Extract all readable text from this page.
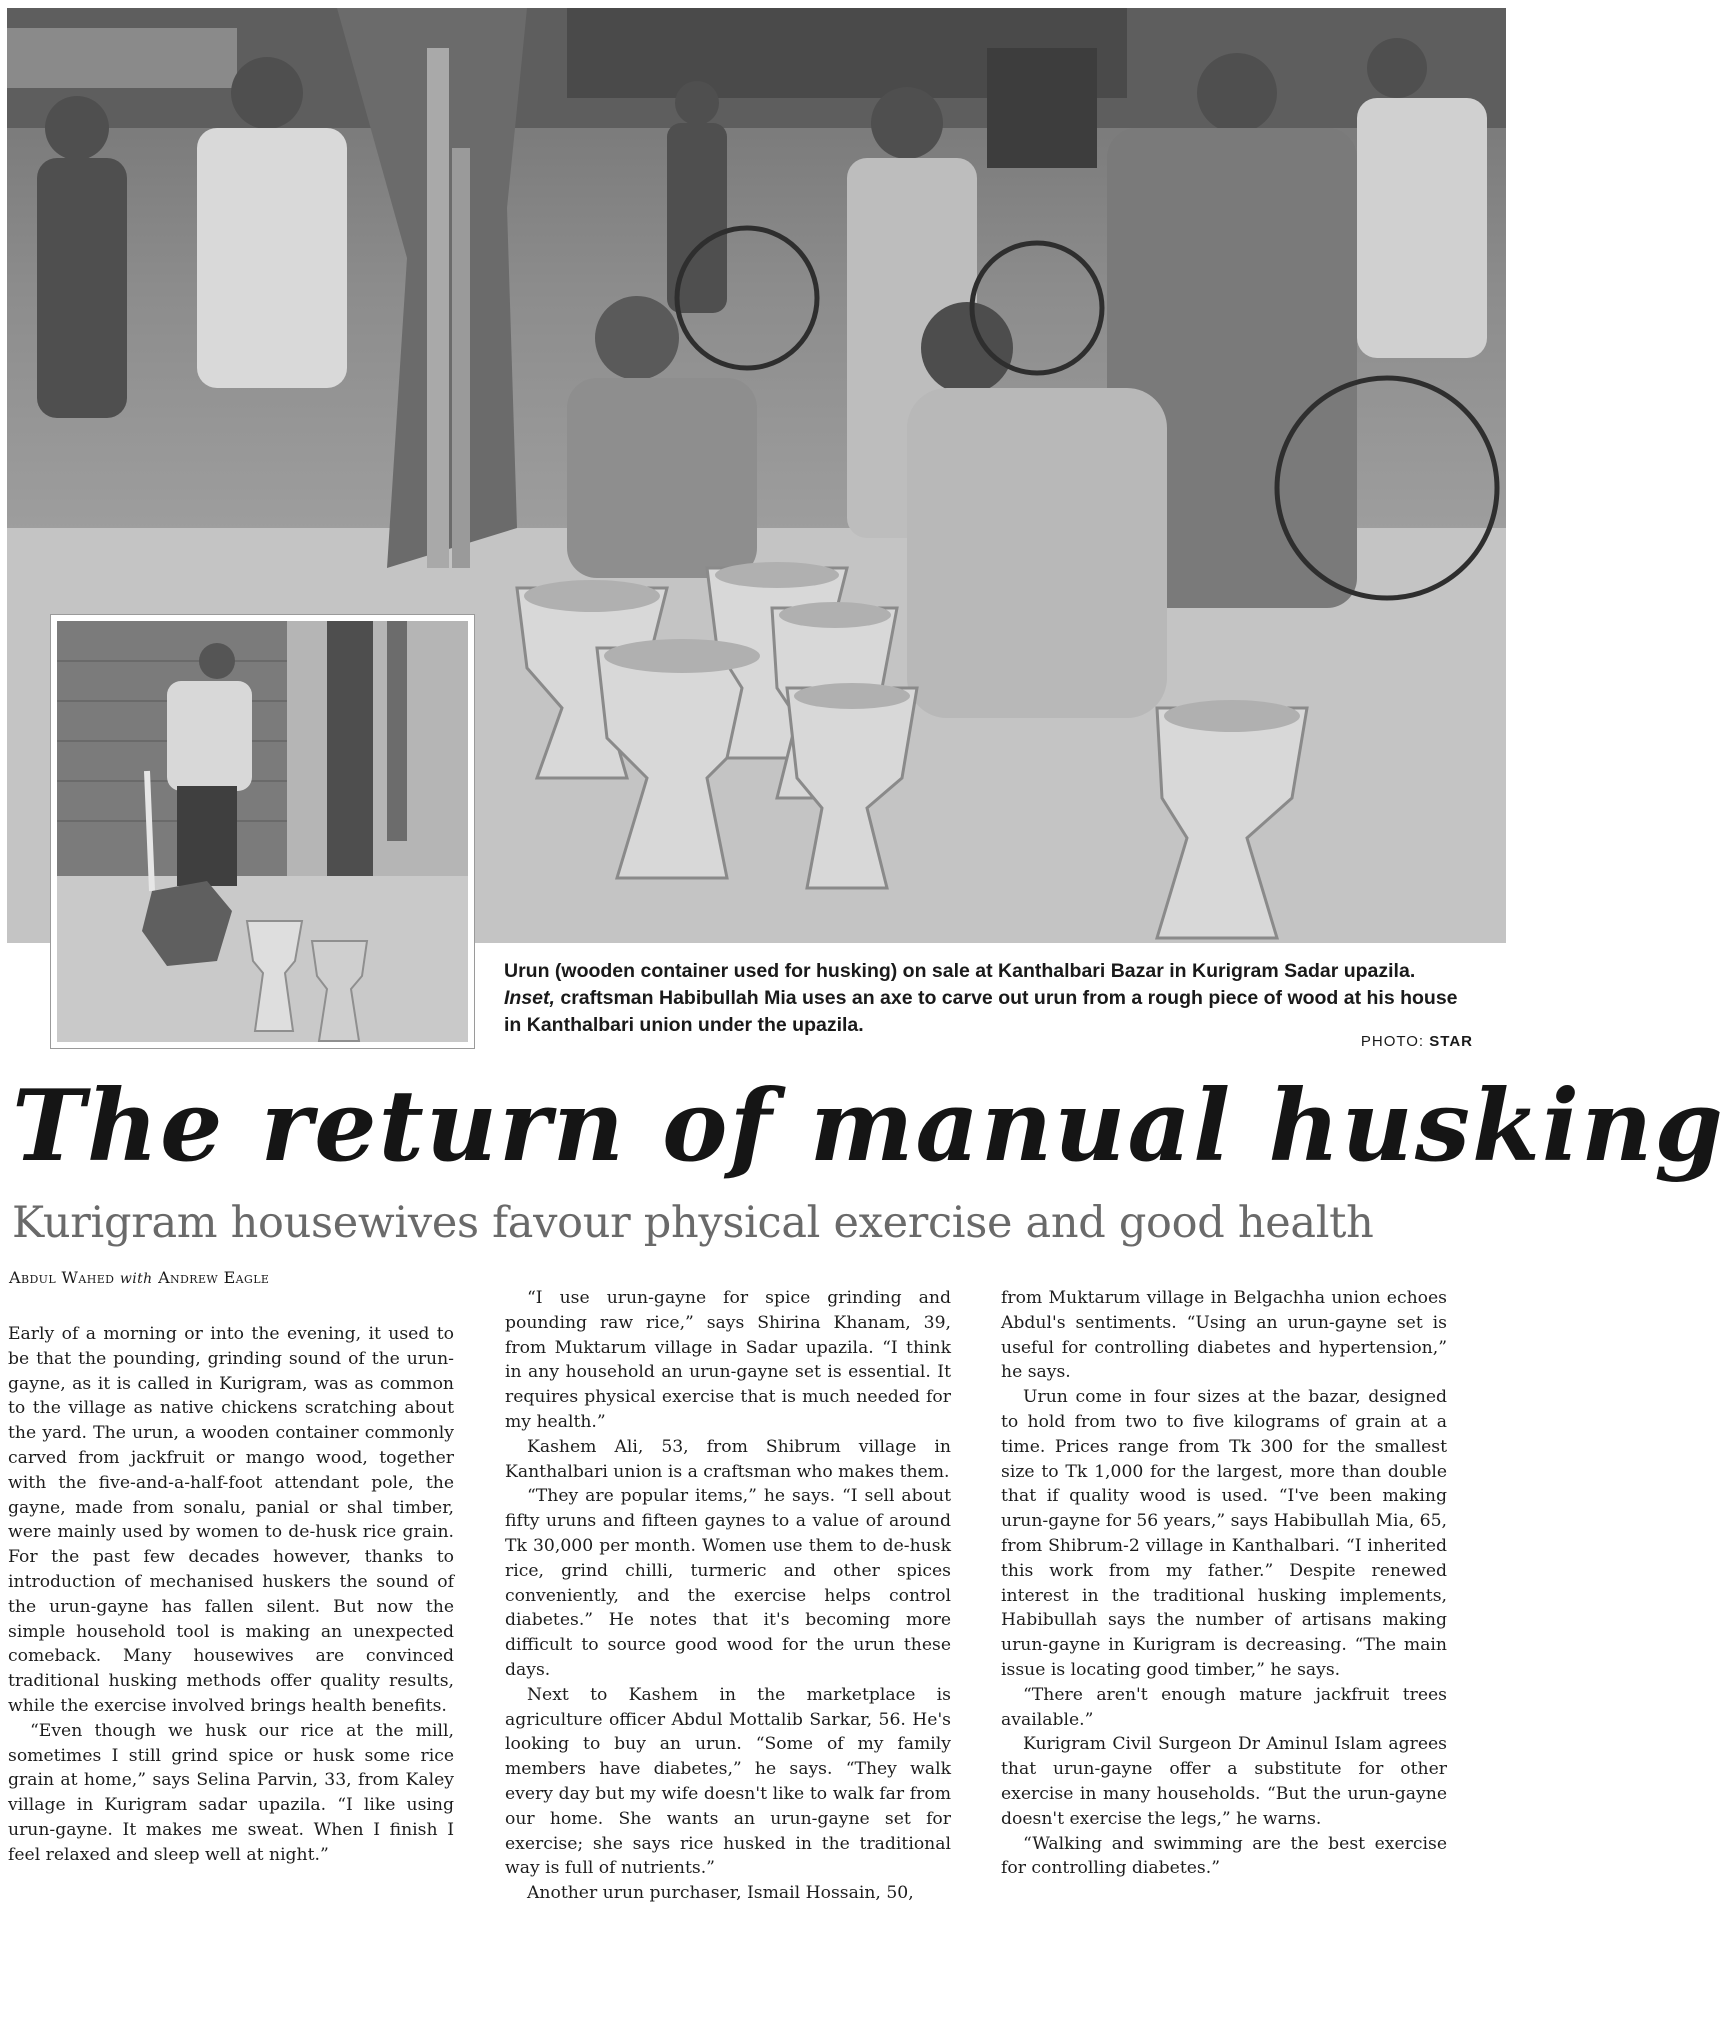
Urun (wooden container used for husking) on sale at Kanthalbari Bazar in Kurigram Sadar upazila. Inset, craftsman Habibullah Mia uses an axe to carve out urun from a rough piece of wood at his house in Kanthalbari union under the upazila.
PHOTO: STAR
The return of manual husking
Kurigram housewives favour physical exercise and good health
Abdul Wahed with Andrew Eagle

Early of a morning or into the evening, it used to be that the pounding, grinding sound of the urun-gayne, as it is called in Kurigram, was as common to the village as native chickens scratching about the yard. The urun, a wooden container commonly carved from jackfruit or mango wood, together with the five-and-a-half-foot attendant pole, the gayne, made from sonalu, panial or shal timber, were mainly used by women to de-husk rice grain. For the past few decades however, thanks to introduction of mechanised huskers the sound of the urun-gayne has fallen silent. But now the simple household tool is making an unexpected comeback. Many housewives are convinced traditional husking methods offer quality results, while the exercise involved brings health benefits.

“Even though we husk our rice at the mill, sometimes I still grind spice or husk some rice grain at home,” says Selina Parvin, 33, from Kaley village in Kurigram sadar upazila. “I like using urun-gayne. It makes me sweat. When I finish I feel relaxed and sleep well at night.”

“I use urun-gayne for spice grinding and pounding raw rice,” says Shirina Khanam, 39, from Muktarum village in Sadar upazila. “I think in any household an urun-gayne set is essential. It requires physical exercise that is much needed for my health.”

Kashem Ali, 53, from Shibrum village in Kanthalbari union is a craftsman who makes them.

“They are popular items,” he says. “I sell about fifty uruns and fifteen gaynes to a value of around Tk 30,000 per month. Women use them to de-husk rice, grind chilli, turmeric and other spices conveniently, and the exercise helps control diabetes.” He notes that it's becoming more difficult to source good wood for the urun these days.

Next to Kashem in the marketplace is agriculture officer Abdul Mottalib Sarkar, 56. He's looking to buy an urun. “Some of my family members have diabetes,” he says. “They walk every day but my wife doesn't like to walk far from our home. She wants an urun-gayne set for exercise; she says rice husked in the traditional way is full of nutrients.”

Another urun purchaser, Ismail Hossain, 50,

from Muktarum village in Belgachha union echoes Abdul's sentiments. “Using an urun-gayne set is useful for controlling diabetes and hypertension,” he says.

Urun come in four sizes at the bazar, designed to hold from two to five kilograms of grain at a time. Prices range from Tk 300 for the smallest size to Tk 1,000 for the largest, more than double that if quality wood is used. “I've been making urun-gayne for 56 years,” says Habibullah Mia, 65, from Shibrum-2 village in Kanthalbari. “I inherited this work from my father.” Despite renewed interest in the traditional husking implements, Habibullah says the number of artisans making urun-gayne in Kurigram is decreasing. “The main issue is locating good timber,” he says.

“There aren't enough mature jackfruit trees available.”

Kurigram Civil Surgeon Dr Aminul Islam agrees that urun-gayne offer a substitute for other exercise in many households. “But the urun-gayne doesn't exercise the legs,” he warns.

“Walking and swimming are the best exercise for controlling diabetes.”
